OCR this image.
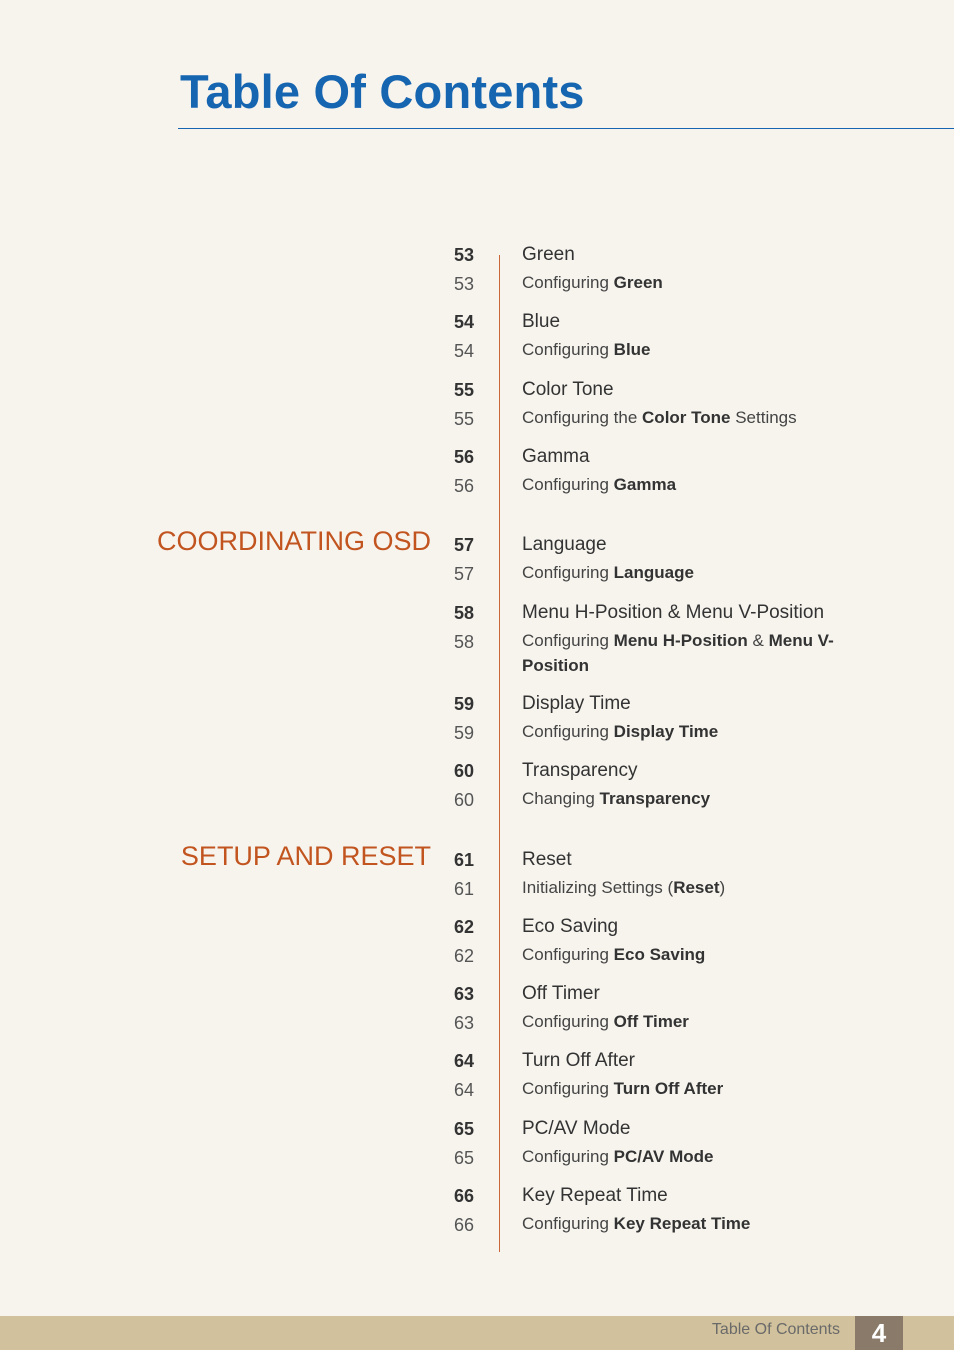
Table Of Contents
COORDINATING OSD
SETUP AND RESET
53	Green
53	Configuring Green
54	Blue
54	Configuring Blue
55	Color Tone
55	Configuring the Color Tone Settings
56	Gamma
56	Configuring Gamma
57	Language
57	Configuring Language
58	Menu H-Position & Menu V-Position
58	Configuring Menu H-Position & Menu V-Position
59	Display Time
59	Configuring Display Time
60	Transparency
60	Changing Transparency
61	Reset
61	Initializing Settings (Reset)
62	Eco Saving
62	Configuring Eco Saving
63	Off Timer
63	Configuring Off Timer
64	Turn Off After
64	Configuring Turn Off After
65	PC/AV Mode
65	Configuring PC/AV Mode
66	Key Repeat Time
66	Configuring Key Repeat Time
Table Of Contents	4
